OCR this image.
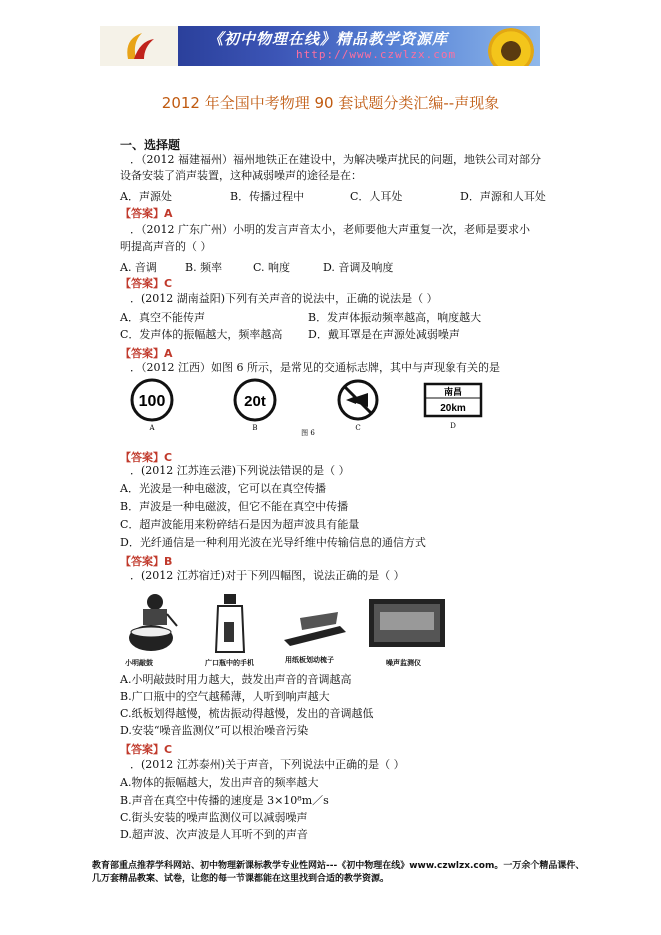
《初中物理在线》精品教学资源库
http://www.czwlzx.com
2012 年全国中考物理 90 套试题分类汇编--声现象
一、选择题
．（2012 福建福州）福州地铁正在建设中，为解决噪声扰民的问题，地铁公司对部分
设备安装了消声装置，这种减弱噪声的途径是在：
A．声源处	B．传播过程中	C．人耳处	D．声源和人耳处
【答案】A
．（2012 广东广州）小明的发言声音太小，老师要他大声重复一次，老师是要求小
明提高声音的（ ）
A. 音调	B. 频率	C. 响度	D. 音调及响度
【答案】C
．(2012 湖南益阳)下列有关声音的说法中，正确的说法是（ ）
A．真空不能传声	B．发声体振动频率越高，响度越大
C．发声体的振幅越大，频率越高 D．戴耳罩是在声源处减弱噪声
【答案】A
．（2012 江西）如图 6 所示，是常见的交通标志牌，其中与声现象有关的是
100	20t	南昌
20km
A	B	C	D
图 6
【答案】C
．(2012 江苏连云港)下列说法错误的是（ ）
A．光波是一种电磁波，它可以在真空传播
B．声波是一种电磁波，但它不能在真空中传播
C．超声波能用来粉碎结石是因为超声波具有能量
D．光纤通信是一种利用光波在光导纤维中传输信息的通信方式
【答案】B
．(2012 江苏宿迁)对于下列四幅图，说法正确的是（ ）
小明敲鼓	广口瓶中的手机	用纸板划动梳子	噪声监测仪
A.小明敲鼓时用力越大，鼓发出声音的音调越高
B.广口瓶中的空气越稀薄，人听到响声越大
C.纸板划得越慢，梳齿振动得越慢，发出的音调越低
D.安装“噪音监测仪”可以根治噪音污染
【答案】C
．(2012 江苏泰州)关于声音，下列说法中正确的是（ ）
A.物体的振幅越大，发出声音的频率越大
B.声音在真空中传播的速度是 3×10⁸m／s
C.街头安装的噪声监测仪可以减弱噪声
D.超声波、次声波是人耳听不到的声音
教育部重点推荐学科网站、初中物理新课标教学专业性网站---《初中物理在线》www.czwlzx.com。一万余个精品课件、几万套精品教案、试卷，让您的每一节课都能在这里找到合适的教学资源。
